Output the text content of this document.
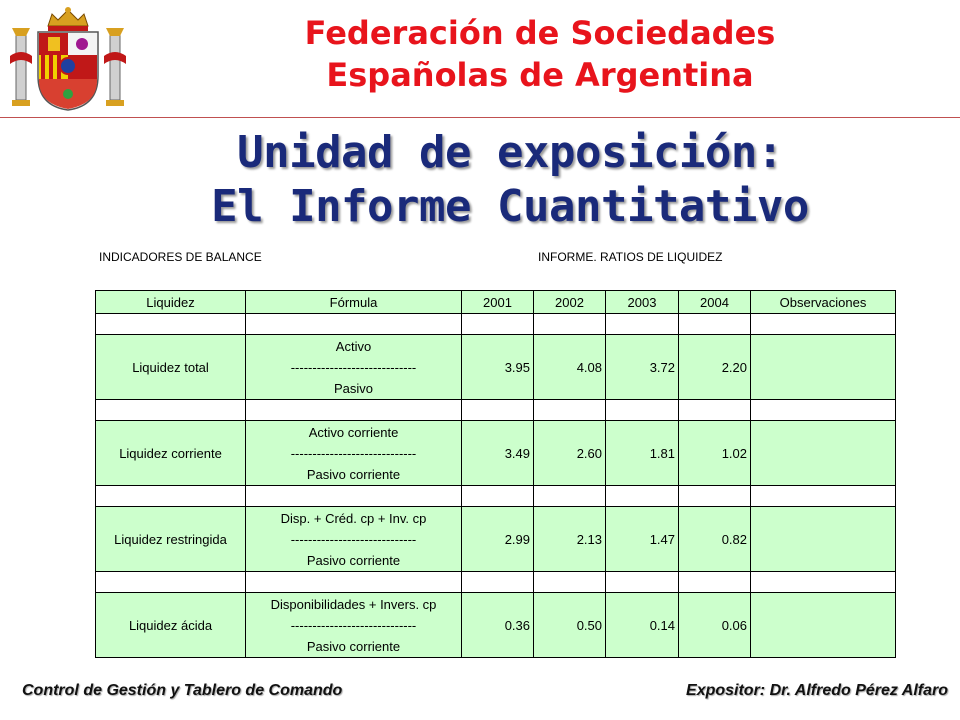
Federación de Sociedades
Españolas de Argentina
Unidad de exposición:
El Informe Cuantitativo
INDICADORES DE BALANCE	INFORME. RATIOS DE LIQUIDEZ
Liquidez	Fórmula	2001	2002	2003	2004	Observaciones

Liquidez total	Activo
-----------------------------
Pasivo	3.95	4.08	3.72	2.20	

Liquidez corriente	Activo corriente
-----------------------------
Pasivo corriente	3.49	2.60	1.81	1.02	

Liquidez restringida	Disp. + Créd. cp + Inv. cp
-----------------------------
Pasivo corriente	2.99	2.13	1.47	0.82	

Liquidez ácida	Disponibilidades + Invers. cp
-----------------------------
Pasivo corriente	0.36	0.50	0.14	0.06	
Control de Gestión y Tablero de Comando	Expositor: Dr. Alfredo Pérez Alfaro
